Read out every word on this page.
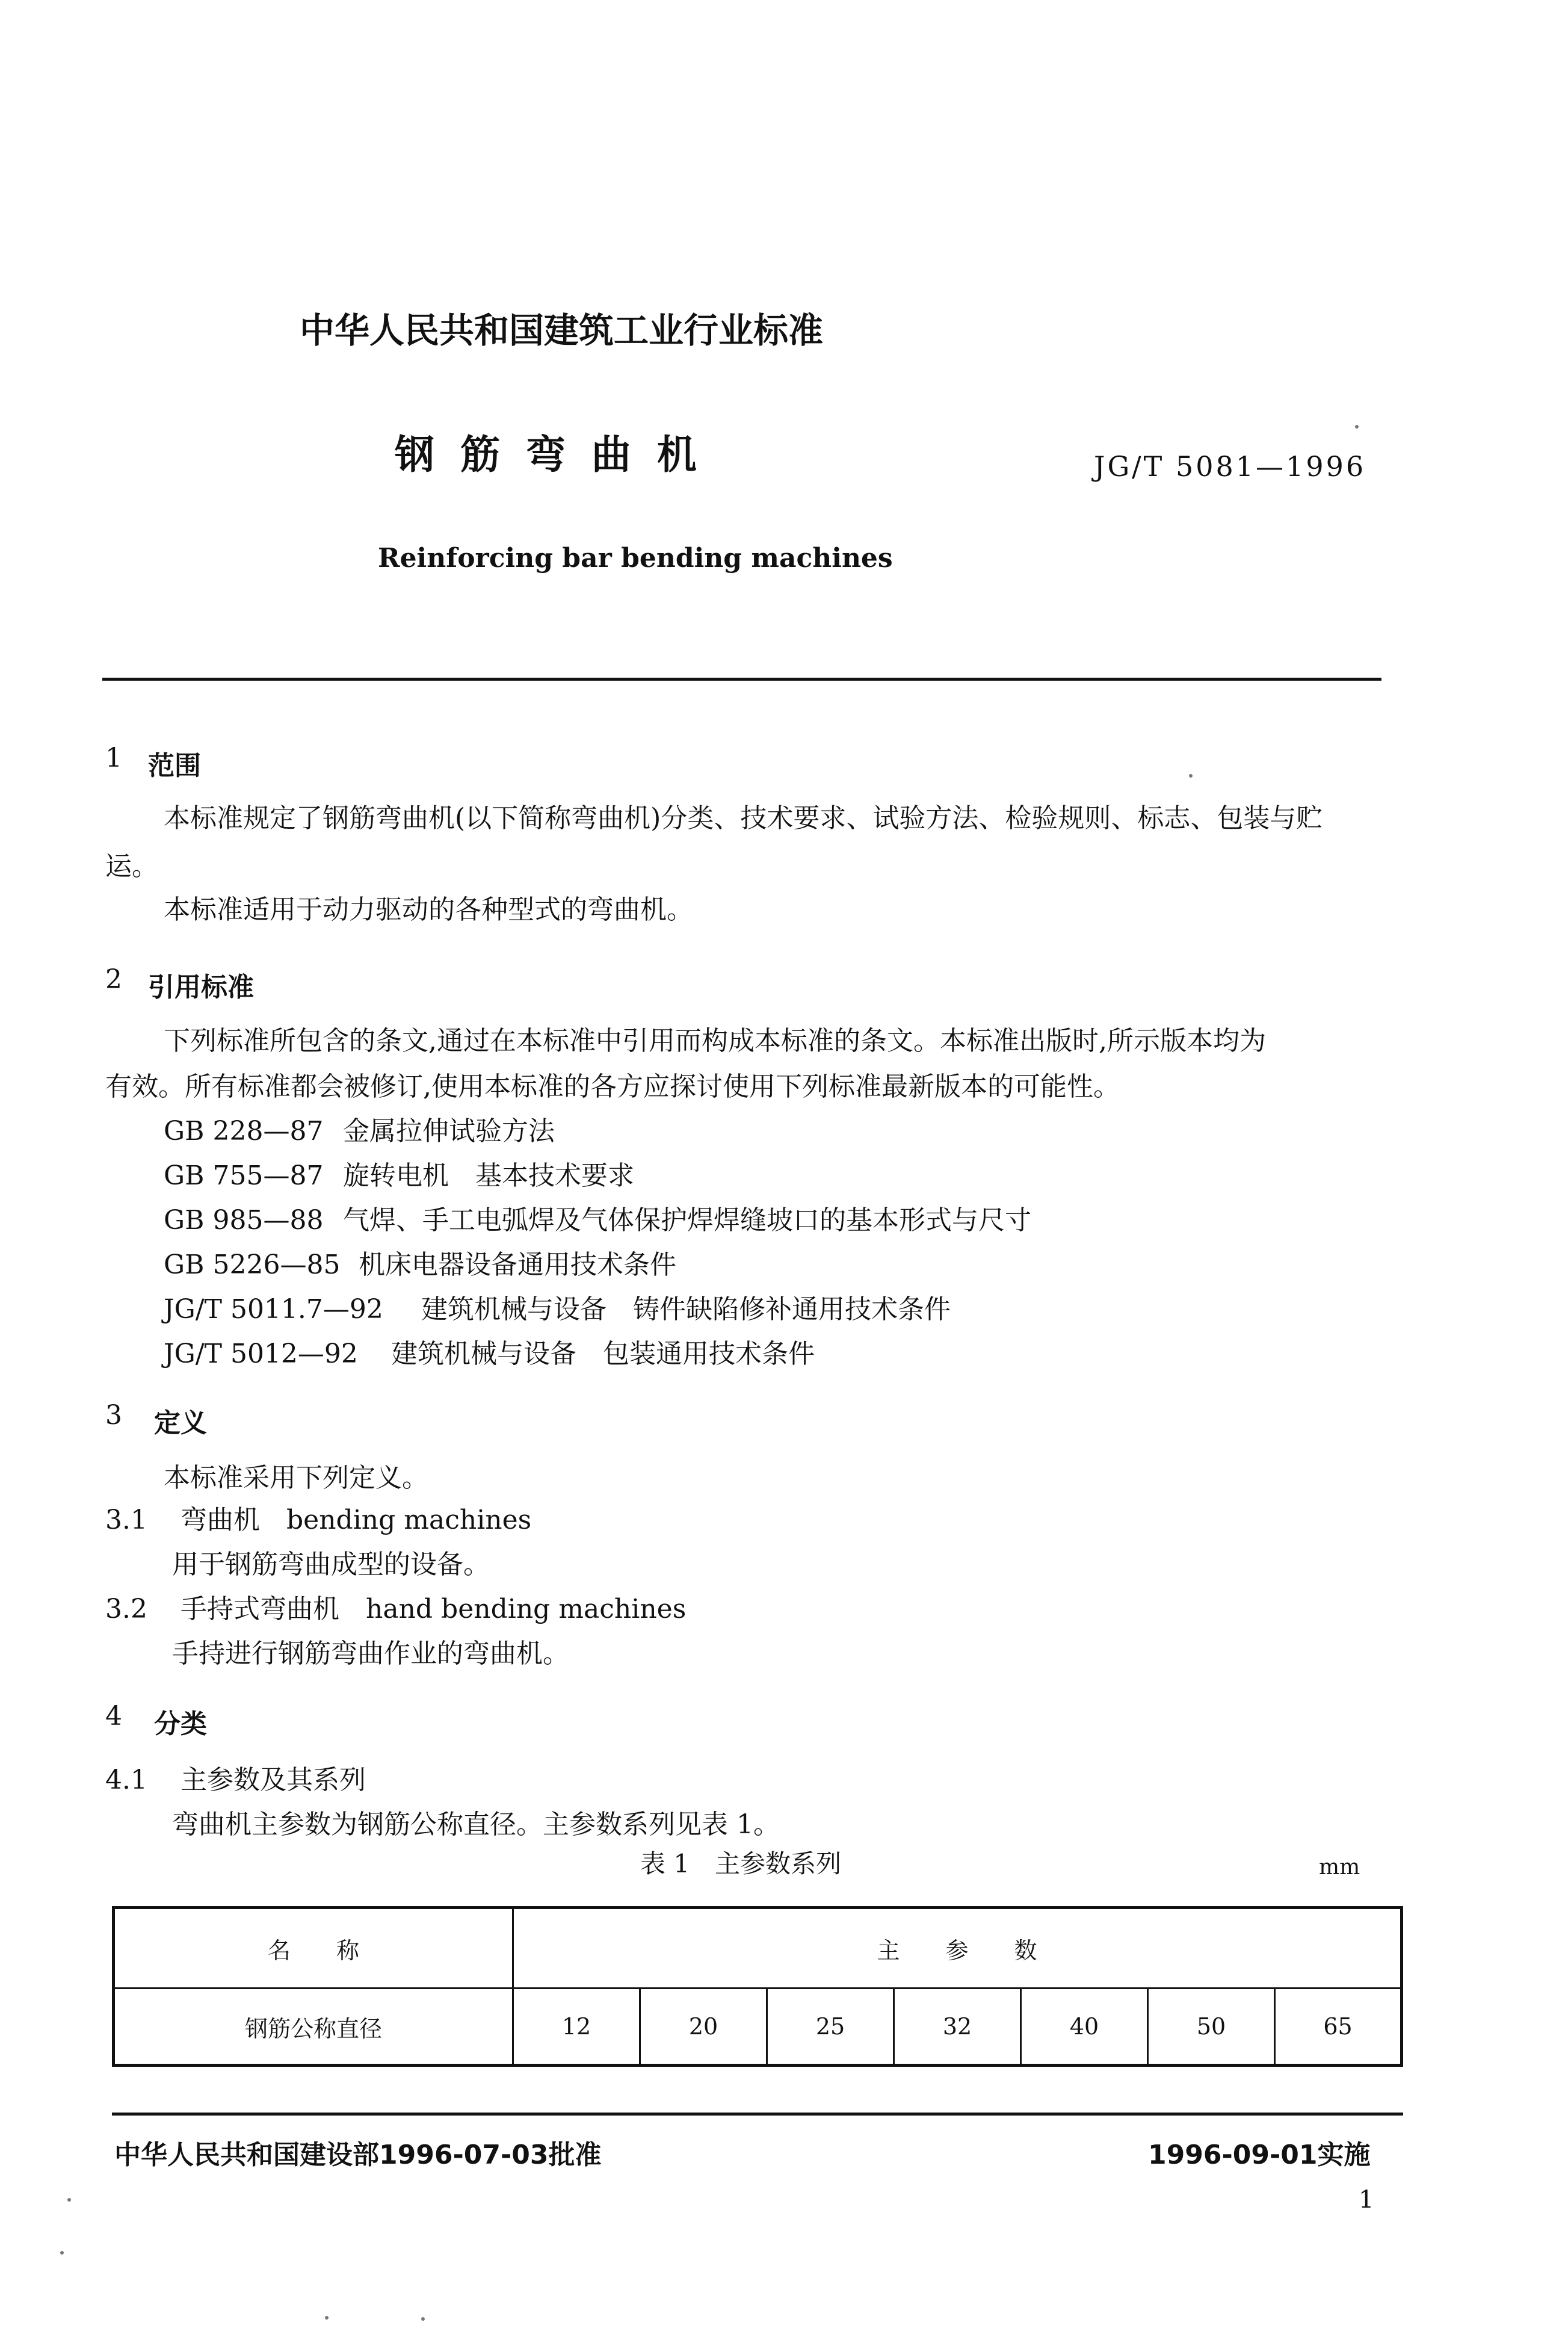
中华人民共和国建筑工业行业标准
钢 筋 弯 曲 机	JG/T 5081—1996
Reinforcing bar bending machines
1 范围
本标准规定了钢筋弯曲机(以下简称弯曲机)分类、技术要求、试验方法、检验规则、标志、包装与贮
运。
本标准适用于动力驱动的各种型式的弯曲机。
2 引用标准
下列标准所包含的条文,通过在本标准中引用而构成本标准的条文。本标准出版时,所示版本均为
有效。所有标准都会被修订,使用本标准的各方应探讨使用下列标准最新版本的可能性。
GB 228—87 金属拉伸试验方法
GB 755—87 旋转电机　基本技术要求
GB 985—88 气焊、手工电弧焊及气体保护焊焊缝坡口的基本形式与尺寸
GB 5226—85 机床电器设备通用技术条件
JG/T 5011.7—92 建筑机械与设备　铸件缺陷修补通用技术条件
JG/T 5012—92 建筑机械与设备　包装通用技术条件
3 定义
本标准采用下列定义。
3.1 弯曲机　bending machines
用于钢筋弯曲成型的设备。
3.2 手持式弯曲机　hand bending machines
手持进行钢筋弯曲作业的弯曲机。
4 分类
4.1 主参数及其系列
弯曲机主参数为钢筋公称直径。主参数系列见表 1。
表 1　主参数系列	mm
名　　称	主　　参　　数						
钢筋公称直径	12	20	25	32	40	50	65
中华人民共和国建设部1996-07-03批准	1996-09-01实施
1
